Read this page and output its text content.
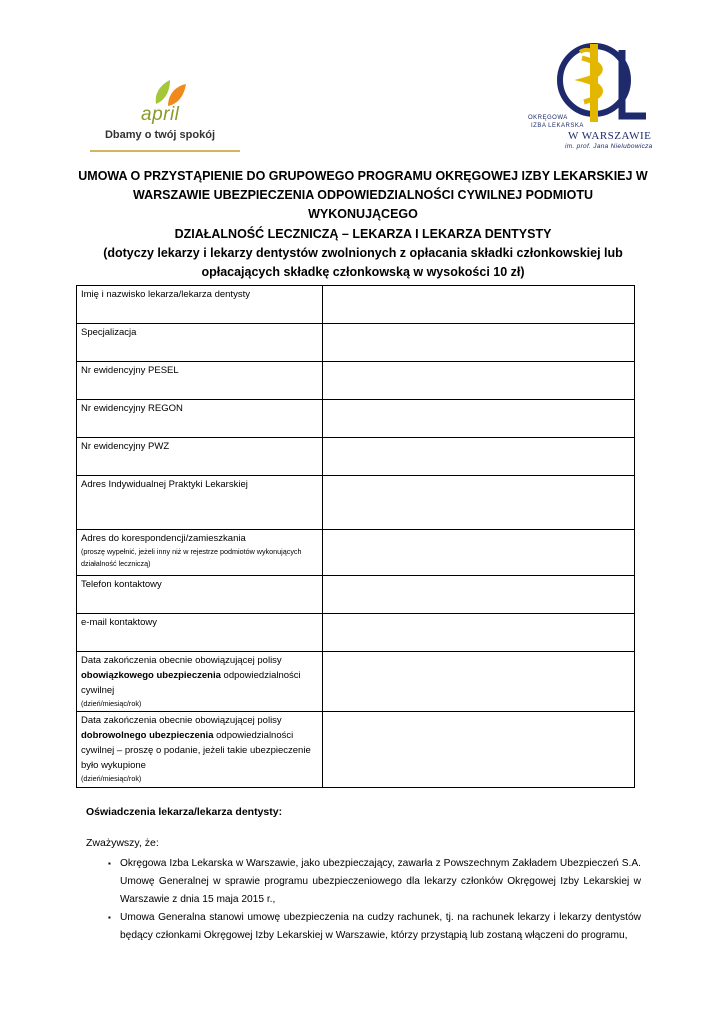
april
Dbamy o twój spokój
OKRĘGOWA
IZBA LEKARSKA
W WARSZAWIE
im. prof. Jana Nielubowicza
UMOWA O PRZYSTĄPIENIE DO GRUPOWEGO PROGRAMU OKRĘGOWEJ IZBY LEKARSKIEJ W
WARSZAWIE UBEZPIECZENIA ODPOWIEDZIALNOŚCI CYWILNEJ PODMIOTU WYKONUJĄCEGO
DZIAŁALNOŚĆ LECZNICZĄ – LEKARZA I LEKARZA DENTYSTY
(dotyczy lekarzy i lekarzy dentystów zwolnionych z opłacania składki członkowskiej lub
opłacających składkę członkowską w wysokości 10 zł)
Imię i nazwisko lekarza/lekarza dentysty	
Specjalizacja	
Nr ewidencyjny PESEL	
Nr ewidencyjny REGON	
Nr ewidencyjny PWZ	
Adres Indywidualnej Praktyki Lekarskiej	
Adres do korespondencji/zamieszkania
(proszę wypełnić, jeżeli inny niż w rejestrze podmiotów wykonujących działalność leczniczą)	

Telefon kontaktowy	
e-mail kontaktowy	
Data zakończenia obecnie obowiązującej polisy obowiązkowego ubezpieczenia odpowiedzialności cywilnej
(dzień/miesiąc/rok)	

Data zakończenia obecnie obowiązującej polisy dobrowolnego ubezpieczenia odpowiedzialności cywilnej – proszę o podanie, jeżeli takie ubezpieczenie było wykupione
(dzień/miesiąc/rok)	

Oświadczenia lekarza/lekarza dentysty:
Zważywszy, że:
▪ Okręgowa Izba Lekarska w Warszawie, jako ubezpieczający, zawarła z Powszechnym Zakładem Ubezpieczeń S.A. Umowę Generalnej w sprawie programu ubezpieczeniowego dla lekarzy członków Okręgowej Izby Lekarskiej w Warszawie z dnia 15 maja 2015 r.,
▪ Umowa Generalna stanowi umowę ubezpieczenia na cudzy rachunek, tj. na rachunek lekarzy i lekarzy dentystów będący członkami Okręgowej Izby Lekarskiej w Warszawie, którzy przystąpią lub zostaną włączeni do programu,
